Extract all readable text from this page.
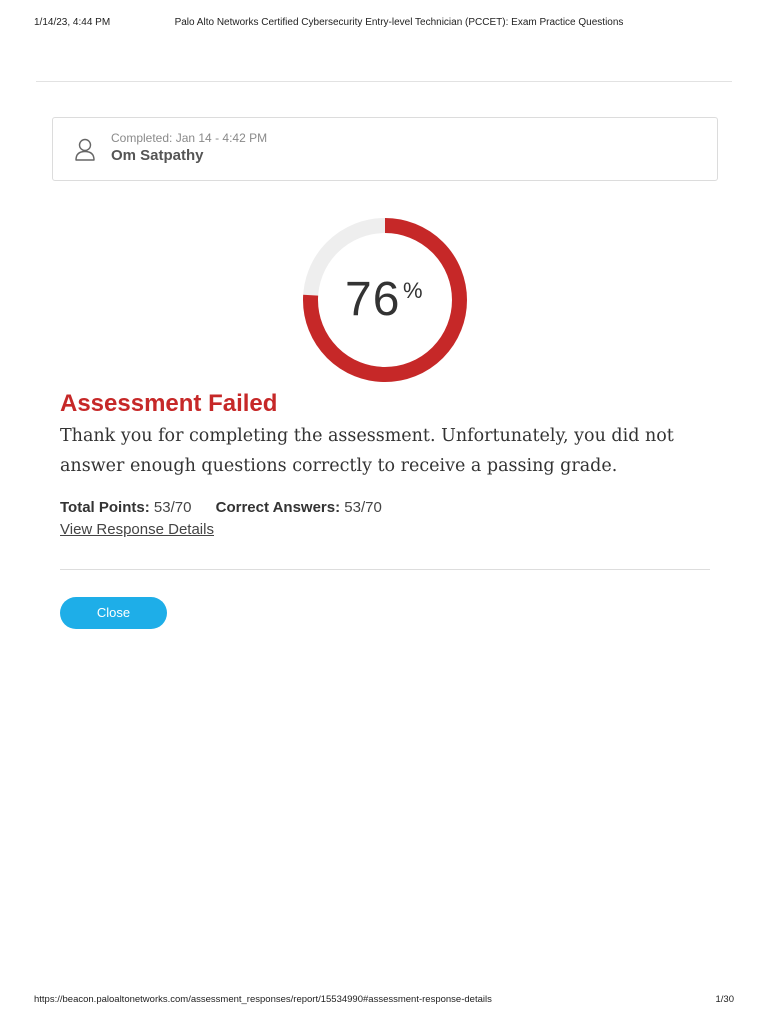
1/14/23, 4:44 PM	Palo Alto Networks Certified Cybersecurity Entry-level Technician (PCCET): Exam Practice Questions
Completed: Jan 14 - 4:42 PM
Om Satpathy
76 %
Assessment Failed
Thank you for completing the assessment. Unfortunately, you did not answer enough questions correctly to receive a passing grade.
Total Points: 53/70 Correct Answers: 53/70
View Response Details
Close
https://beacon.paloaltonetworks.com/assessment_responses/report/15534990#assessment-response-details	1/30
